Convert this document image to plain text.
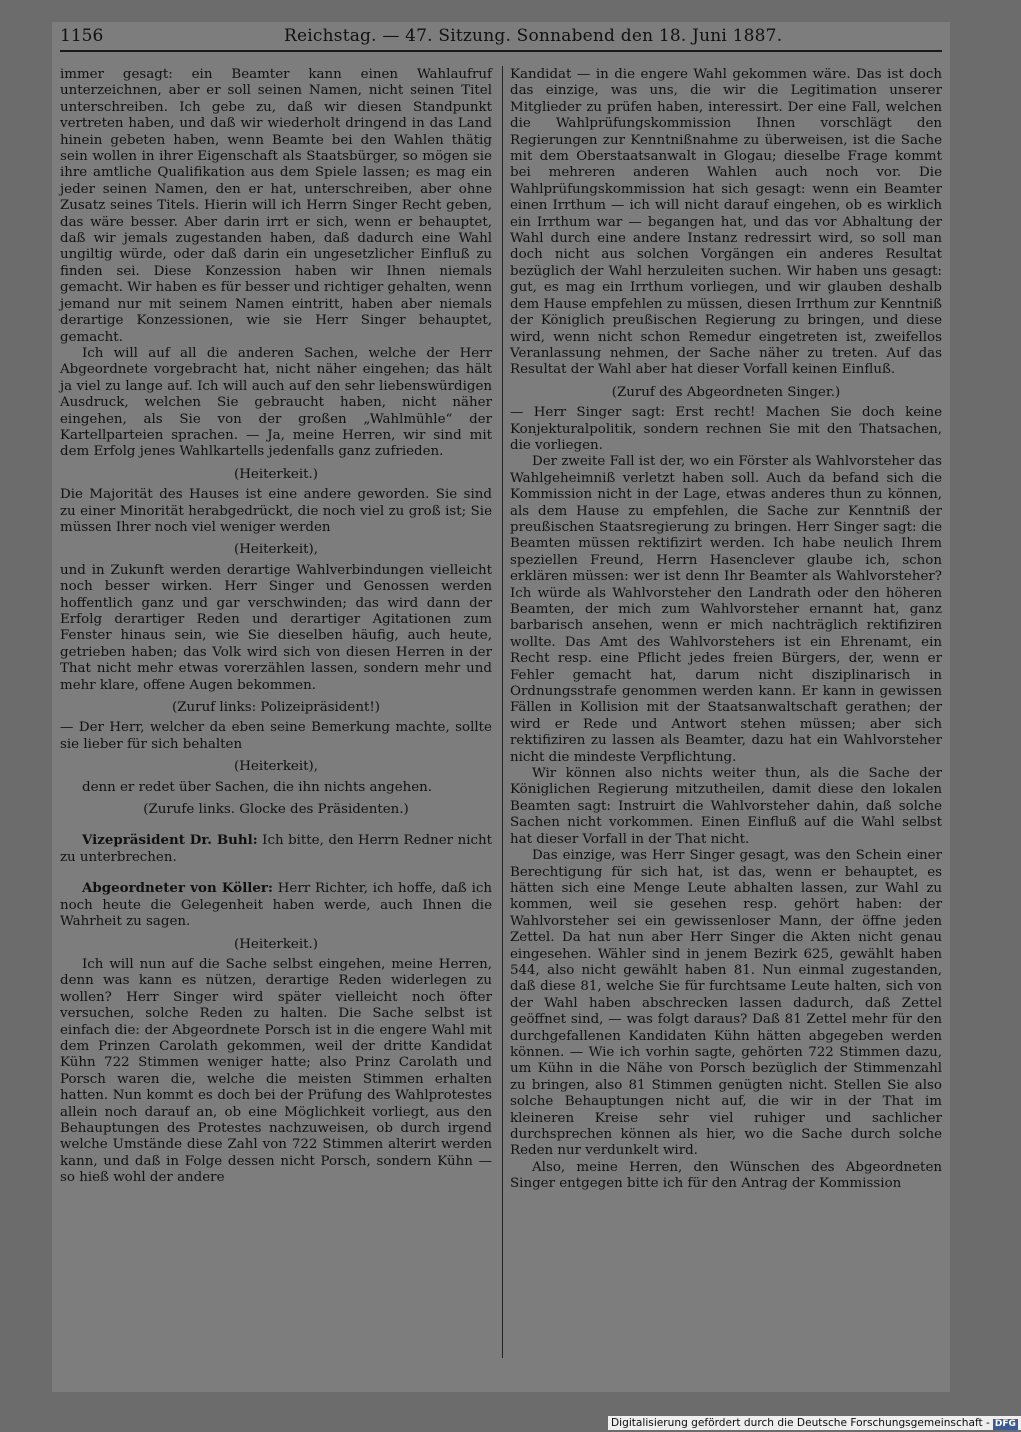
1156	Reichstag. — 47. Sitzung. Sonnabend den 18. Juni 1887.

immer gesagt: ein Beamter kann einen Wahlaufruf unterzeichnen, aber er soll seinen Namen, nicht seinen Titel unterschreiben. Ich gebe zu, daß wir diesen Standpunkt vertreten haben, und daß wir wiederholt dringend in das Land hinein gebeten haben, wenn Beamte bei den Wahlen thätig sein wollen in ihrer Eigenschaft als Staatsbürger, so mögen sie ihre amtliche Qualifikation aus dem Spiele lassen; es mag ein jeder seinen Namen, den er hat, unterschreiben, aber ohne Zusatz seines Titels. Hierin will ich Herrn Singer Recht geben, das wäre besser. Aber darin irrt er sich, wenn er behauptet, daß wir jemals zugestanden haben, daß dadurch eine Wahl ungiltig würde, oder daß darin ein ungesetzlicher Einfluß zu finden sei. Diese Konzession haben wir Ihnen niemals gemacht. Wir haben es für besser und richtiger gehalten, wenn jemand nur mit seinem Namen eintritt, haben aber niemals derartige Konzessionen, wie sie Herr Singer behauptet, gemacht.

Ich will auf all die anderen Sachen, welche der Herr Abgeordnete vorgebracht hat, nicht näher eingehen; das hält ja viel zu lange auf. Ich will auch auf den sehr liebenswürdigen Ausdruck, welchen Sie gebraucht haben, nicht näher eingehen, als Sie von der großen „Wahlmühle“ der Kartellparteien sprachen. — Ja, meine Herren, wir sind mit dem Erfolg jenes Wahlkartells jedenfalls ganz zufrieden.

(Heiterkeit.)

Die Majorität des Hauses ist eine andere geworden. Sie sind zu einer Minorität herabgedrückt, die noch viel zu groß ist; Sie müssen Ihrer noch viel weniger werden

(Heiterkeit),

und in Zukunft werden derartige Wahlverbindungen vielleicht noch besser wirken. Herr Singer und Genossen werden hoffentlich ganz und gar verschwinden; das wird dann der Erfolg derartiger Reden und derartiger Agitationen zum Fenster hinaus sein, wie Sie dieselben häufig, auch heute, getrieben haben; das Volk wird sich von diesen Herren in der That nicht mehr etwas vorerzählen lassen, sondern mehr und mehr klare, offene Augen bekommen.

(Zuruf links: Polizeipräsident!)

— Der Herr, welcher da eben seine Bemerkung machte, sollte sie lieber für sich behalten

(Heiterkeit),

denn er redet über Sachen, die ihn nichts angehen.

(Zurufe links. Glocke des Präsidenten.)

Vizepräsident Dr. Buhl: Ich bitte, den Herrn Redner nicht zu unterbrechen.

Abgeordneter von Köller: Herr Richter, ich hoffe, daß ich noch heute die Gelegenheit haben werde, auch Ihnen die Wahrheit zu sagen.

(Heiterkeit.)

Ich will nun auf die Sache selbst eingehen, meine Herren, denn was kann es nützen, derartige Reden widerlegen zu wollen? Herr Singer wird später vielleicht noch öfter versuchen, solche Reden zu halten. Die Sache selbst ist einfach die: der Abgeordnete Porsch ist in die engere Wahl mit dem Prinzen Carolath gekommen, weil der dritte Kandidat Kühn 722 Stimmen weniger hatte; also Prinz Carolath und Porsch waren die, welche die meisten Stimmen erhalten hatten. Nun kommt es doch bei der Prüfung des Wahlprotestes allein noch darauf an, ob eine Möglichkeit vorliegt, aus den Behauptungen des Protestes nachzuweisen, ob durch irgend welche Umstände diese Zahl von 722 Stimmen alterirt werden kann, und daß in Folge dessen nicht Porsch, sondern Kühn — so hieß wohl der andere

Kandidat — in die engere Wahl gekommen wäre. Das ist doch das einzige, was uns, die wir die Legitimation unserer Mitglieder zu prüfen haben, interessirt. Der eine Fall, welchen die Wahlprüfungskommission Ihnen vorschlägt den Regierungen zur Kenntnißnahme zu überweisen, ist die Sache mit dem Oberstaatsanwalt in Glogau; dieselbe Frage kommt bei mehreren anderen Wahlen auch noch vor. Die Wahlprüfungskommission hat sich gesagt: wenn ein Beamter einen Irrthum — ich will nicht darauf eingehen, ob es wirklich ein Irrthum war — begangen hat, und das vor Abhaltung der Wahl durch eine andere Instanz redressirt wird, so soll man doch nicht aus solchen Vorgängen ein anderes Resultat bezüglich der Wahl herzuleiten suchen. Wir haben uns gesagt: gut, es mag ein Irrthum vorliegen, und wir glauben deshalb dem Hause empfehlen zu müssen, diesen Irrthum zur Kenntniß der Königlich preußischen Regierung zu bringen, und diese wird, wenn nicht schon Remedur eingetreten ist, zweifellos Veranlassung nehmen, der Sache näher zu treten. Auf das Resultat der Wahl aber hat dieser Vorfall keinen Einfluß.

(Zuruf des Abgeordneten Singer.)

— Herr Singer sagt: Erst recht! Machen Sie doch keine Konjekturalpolitik, sondern rechnen Sie mit den Thatsachen, die vorliegen.

Der zweite Fall ist der, wo ein Förster als Wahlvorsteher das Wahlgeheimniß verletzt haben soll. Auch da befand sich die Kommission nicht in der Lage, etwas anderes thun zu können, als dem Hause zu empfehlen, die Sache zur Kenntniß der preußischen Staatsregierung zu bringen. Herr Singer sagt: die Beamten müssen rektifizirt werden. Ich habe neulich Ihrem speziellen Freund, Herrn Hasenclever glaube ich, schon erklären müssen: wer ist denn Ihr Beamter als Wahlvorsteher? Ich würde als Wahlvorsteher den Landrath oder den höheren Beamten, der mich zum Wahlvorsteher ernannt hat, ganz barbarisch ansehen, wenn er mich nachträglich rektifiziren wollte. Das Amt des Wahlvorstehers ist ein Ehrenamt, ein Recht resp. eine Pflicht jedes freien Bürgers, der, wenn er Fehler gemacht hat, darum nicht disziplinarisch in Ordnungsstrafe genommen werden kann. Er kann in gewissen Fällen in Kollision mit der Staatsanwaltschaft gerathen; der wird er Rede und Antwort stehen müssen; aber sich rektifiziren zu lassen als Beamter, dazu hat ein Wahlvorsteher nicht die mindeste Verpflichtung.

Wir können also nichts weiter thun, als die Sache der Königlichen Regierung mitzutheilen, damit diese den lokalen Beamten sagt: Instruirt die Wahlvorsteher dahin, daß solche Sachen nicht vorkommen. Einen Einfluß auf die Wahl selbst hat dieser Vorfall in der That nicht.

Das einzige, was Herr Singer gesagt, was den Schein einer Berechtigung für sich hat, ist das, wenn er behauptet, es hätten sich eine Menge Leute abhalten lassen, zur Wahl zu kommen, weil sie gesehen resp. gehört haben: der Wahlvorsteher sei ein gewissenloser Mann, der öffne jeden Zettel. Da hat nun aber Herr Singer die Akten nicht genau eingesehen. Wähler sind in jenem Bezirk 625, gewählt haben 544, also nicht gewählt haben 81. Nun einmal zugestanden, daß diese 81, welche Sie für furchtsame Leute halten, sich von der Wahl haben abschrecken lassen dadurch, daß Zettel geöffnet sind, — was folgt daraus? Daß 81 Zettel mehr für den durchgefallenen Kandidaten Kühn hätten abgegeben werden können. — Wie ich vorhin sagte, gehörten 722 Stimmen dazu, um Kühn in die Nähe von Porsch bezüglich der Stimmenzahl zu bringen, also 81 Stimmen genügten nicht. Stellen Sie also solche Behauptungen nicht auf, die wir in der That im kleineren Kreise sehr viel ruhiger und sachlicher durchsprechen können als hier, wo die Sache durch solche Reden nur verdunkelt wird.

Also, meine Herren, den Wünschen des Abgeordneten Singer entgegen bitte ich für den Antrag der Kommission

Digitalisierung gefördert durch die Deutsche Forschungsgemeinschaft - DFG
